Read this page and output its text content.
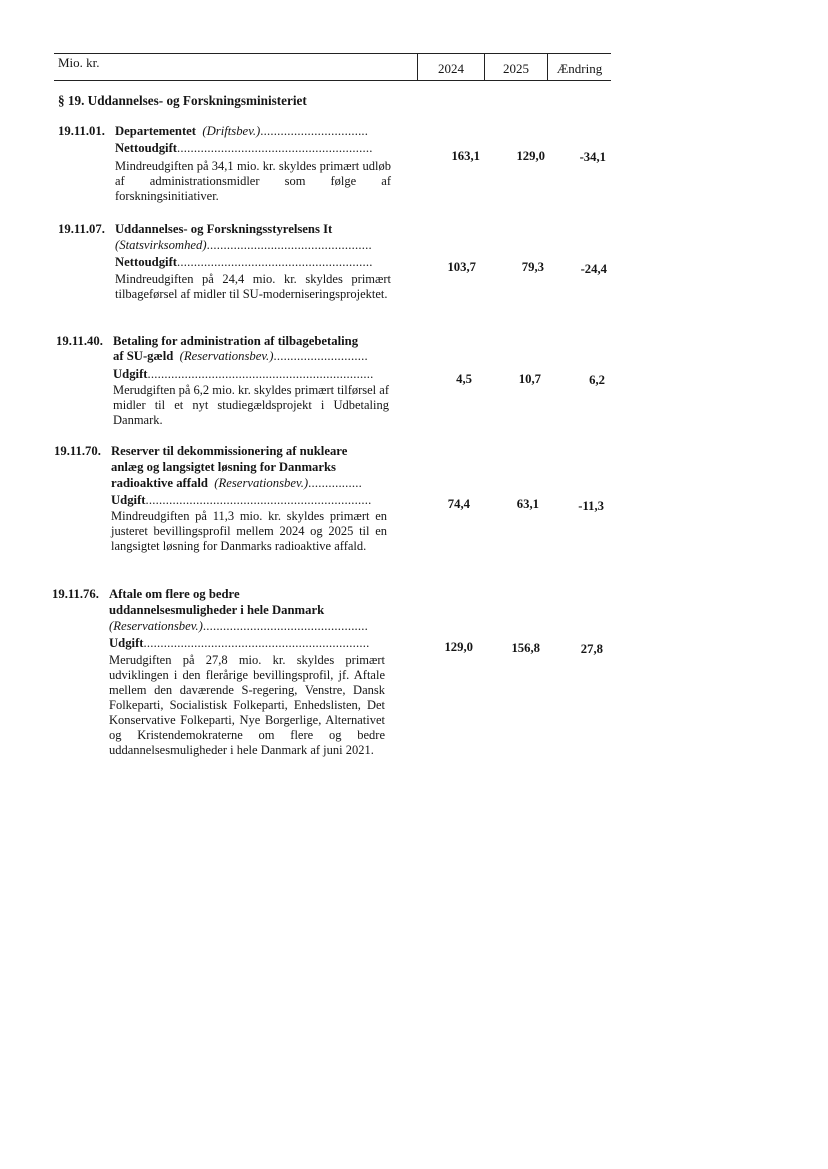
Mio. kr.	2024	2025	Ændring
§ 19. Uddannelses- og Forskningsministeriet
19.11.01. Departementet (Driftsbev.)................................
Nettoudgift..........................................................
Mindreudgiften på 34,1 mio. kr. skyldes primært udløb af administrationsmidler som følge af forskningsinitiativer.
163,1	129,0	-34,1
19.11.07. Uddannelses- og Forskningsstyrelsens It
(Statsvirksomhed).................................................
Nettoudgift..........................................................
Mindreudgiften på 24,4 mio. kr. skyldes primært tilbageførsel af midler til SU-moderniseringsprojektet.
103,7	79,3	-24,4
19.11.40. Betaling for administration af tilbagebetaling
af SU-gæld (Reservationsbev.)............................
Udgift...................................................................
Merudgiften på 6,2 mio. kr. skyldes primært tilførsel af midler til et nyt studiegældsprojekt i Udbetaling Danmark.
4,5	10,7	6,2
19.11.70. Reserver til dekommissionering af nukleare
anlæg og langsigtet løsning for Danmarks
radioaktive affald (Reservationsbev.)................
Udgift...................................................................
Mindreudgiften på 11,3 mio. kr. skyldes primært en justeret bevillingsprofil mellem 2024 og 2025 til en langsigtet løsning for Danmarks radioaktive affald.
74,4	63,1	-11,3
19.11.76. Aftale om flere og bedre
uddannelsesmuligheder i hele Danmark
(Reservationsbev.).................................................
Udgift...................................................................
Merudgiften på 27,8 mio. kr. skyldes primært udviklingen i den flerårige bevillingsprofil, jf. Aftale mellem den daværende S-regering, Venstre, Dansk Folkeparti, Socialistisk Folkeparti, Enhedslisten, Det Konservative Folkeparti, Nye Borgerlige, Alternativet og Kristendemokraterne om flere og bedre uddannelsesmuligheder i hele Danmark af juni 2021.
129,0	156,8	27,8
